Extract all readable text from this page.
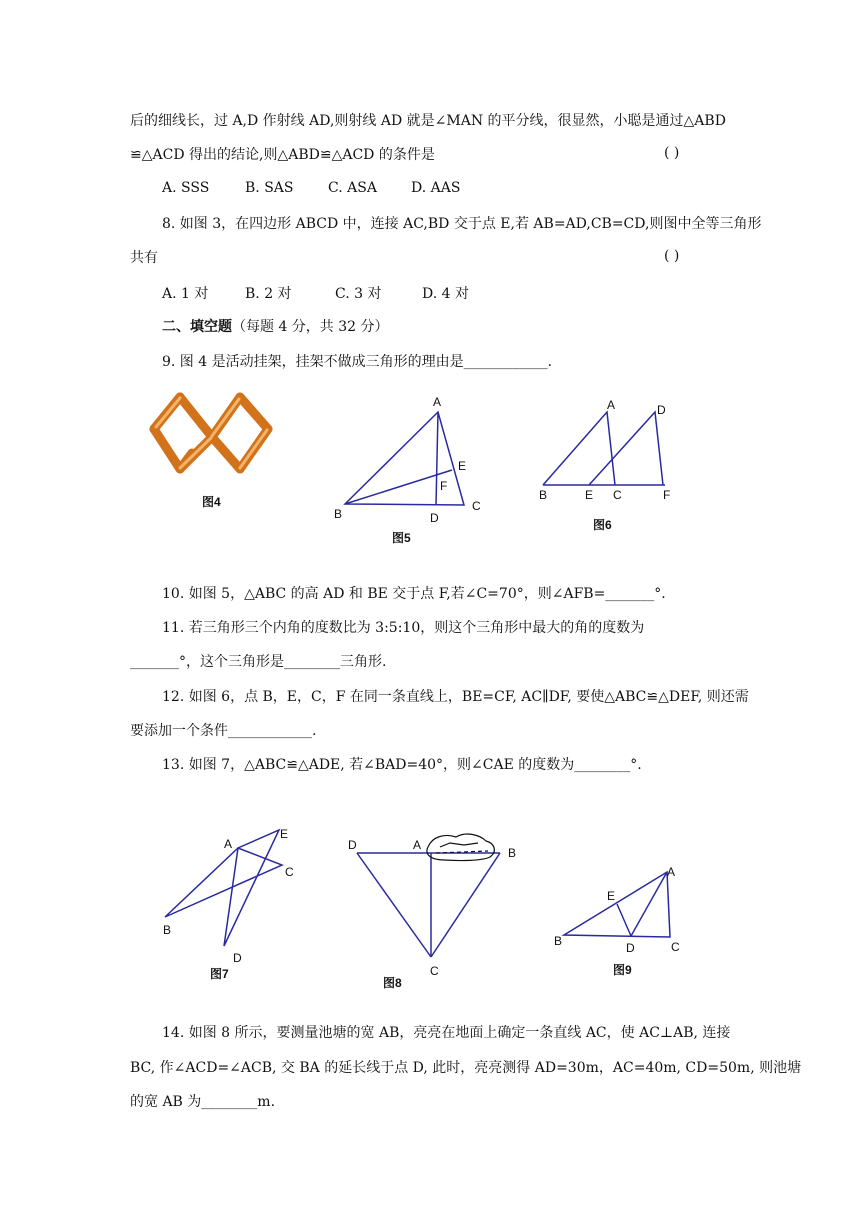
后的细线长，过 A,D 作射线 AD,则射线 AD 就是∠MAN 的平分线，很显然，小聪是通过△ABD
≌△ACD 得出的结论,则△ABD≌△ACD 的条件是	( )
A. SSS	B. SAS C. ASA D. AAS
8. 如图 3，在四边形 ABCD 中，连接 AC,BD 交于点 E,若 AB=AD,CB=CD,则图中全等三角形
共有	( )
A. 1 对	B. 2 对	C. 3 对	D. 4 对
二、填空题（每题 4 分，共 32 分）
9. 图 4 是活动挂架，挂架不做成三角形的理由是____________.
图4
A
B
C
D
E
F
图5
A	D
B	E C	F
图6
10. 如图 5，△ABC 的高 AD 和 BE 交于点 F,若∠C=70°，则∠AFB=_______°.
11. 若三角形三个内角的度数比为 3:5:10，则这个三角形中最大的角的度数为
_______°，这个三角形是________三角形.
12. 如图 6，点 B，E，C，F 在同一条直线上，BE=CF, AC∥DF, 要使△ABC≌△DEF, 则还需
要添加一个条件____________.
13. 如图 7，△ABC≌△ADE, 若∠BAD=40°，则∠CAE 的度数为________°.
A
E
C
B
D
图7
D	A
B
C
图8
A
E
B	D	C
图9
14. 如图 8 所示，要测量池塘的宽 AB，亮亮在地面上确定一条直线 AC，使 AC⊥AB, 连接
BC, 作∠ACD=∠ACB, 交 BA 的延长线于点 D, 此时，亮亮测得 AD=30m，AC=40m, CD=50m, 则池塘
的宽 AB 为________m.
